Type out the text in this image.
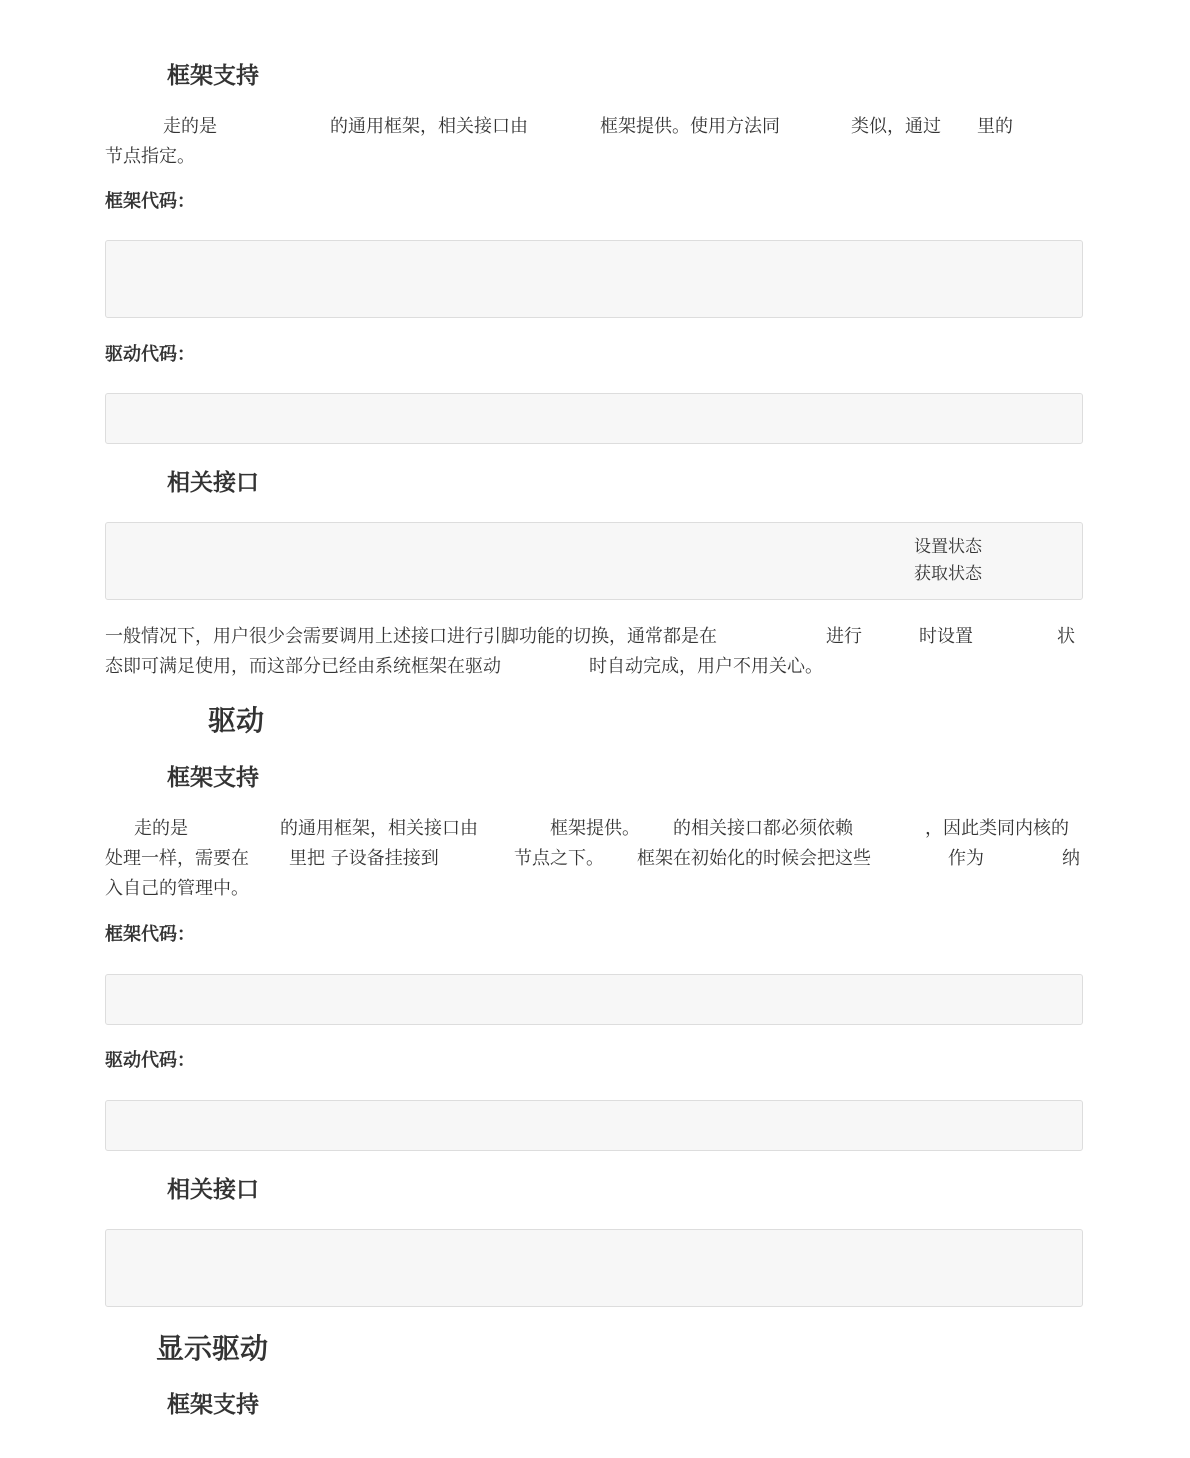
框架支持
走的是	的通用框架，相关接口由	框架提供。使用方法同	类似，通过 里的
节点指定。
框架代码：
驱动代码：
相关接口
设置状态
获取状态
一般情况下，用户很少会需要调用上述接口进行引脚功能的切换，通常都是在	进行	时设置	状
态即可满足使用，而这部分已经由系统框架在驱动	时自动完成，用户不用关心。
驱动
框架支持
走的是	的通用框架，相关接口由	框架提供。 的相关接口都必须依赖	，因此类同内核的
处理一样，需要在 里把 子设备挂接到	节点之下。 框架在初始化的时候会把这些	作为	纳
入自己的管理中。
框架代码：
驱动代码：
相关接口
显示驱动
框架支持
